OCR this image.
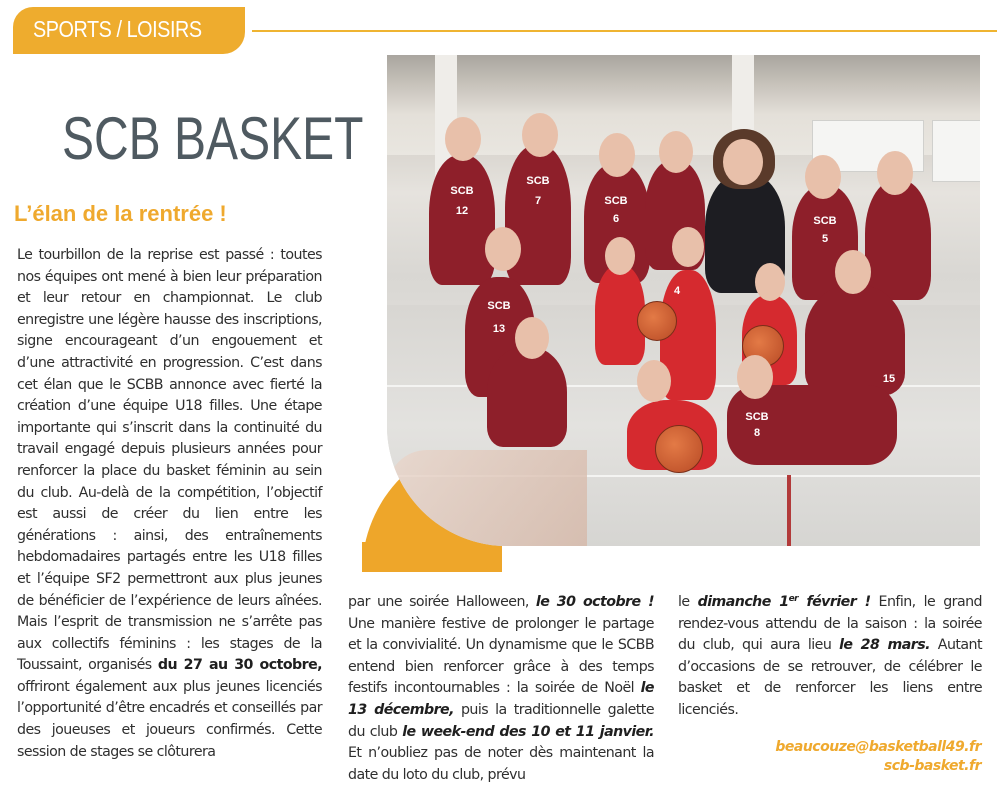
SPORTS / LOISIRS
SCB BASKET
L’élan de la rentrée !

Le tourbillon de la reprise est passé : toutes nos équipes ont mené à bien leur préparation et leur retour en championnat. Le club enregistre une légère hausse des inscriptions, signe encourageant d’un engouement et d’une attractivité en progression. C’est dans cet élan que le SCBB annonce avec fierté la création d’une équipe U18 filles. Une étape importante qui s’inscrit dans la continuité du travail engagé depuis plusieurs années pour renforcer la place du basket féminin au sein du club. Au-delà de la compétition, l’objectif est aussi de créer du lien entre les générations : ainsi, des entraînements hebdomadaires partagés entre les U18 filles et l’équipe SF2 permettront aux plus jeunes de bénéficier de l’expérience de leurs aînées. Mais l’esprit de transmission ne s’arrête pas aux collectifs féminins : les stages de la Toussaint, organisés du 27 au 30 octobre, offriront également aux plus jeunes licenciés l’opportunité d’être encadrés et conseillés par des joueuses et joueurs confirmés. Cette session de stages se clôturera

SCB
12
SCB
7	SCB
6	SCB
5
SCB
13
4
15
SCB
8

par une soirée Halloween, le 30 octobre ! Une manière festive de prolonger le partage et la convivialité. Un dynamisme que le SCBB entend bien renforcer grâce à des temps festifs incontournables : la soirée de Noël le 13 décembre, puis la traditionnelle galette du club le week-end des 10 et 11 janvier. Et n’oubliez pas de noter dès maintenant la date du loto du club, prévu

le dimanche 1er février ! Enfin, le grand rendez-vous attendu de la saison : la soirée du club, qui aura lieu le 28 mars. Autant d’occasions de se retrouver, de célébrer le basket et de renforcer les liens entre licenciés.

beaucouze@basketball49.fr
scb-basket.fr
